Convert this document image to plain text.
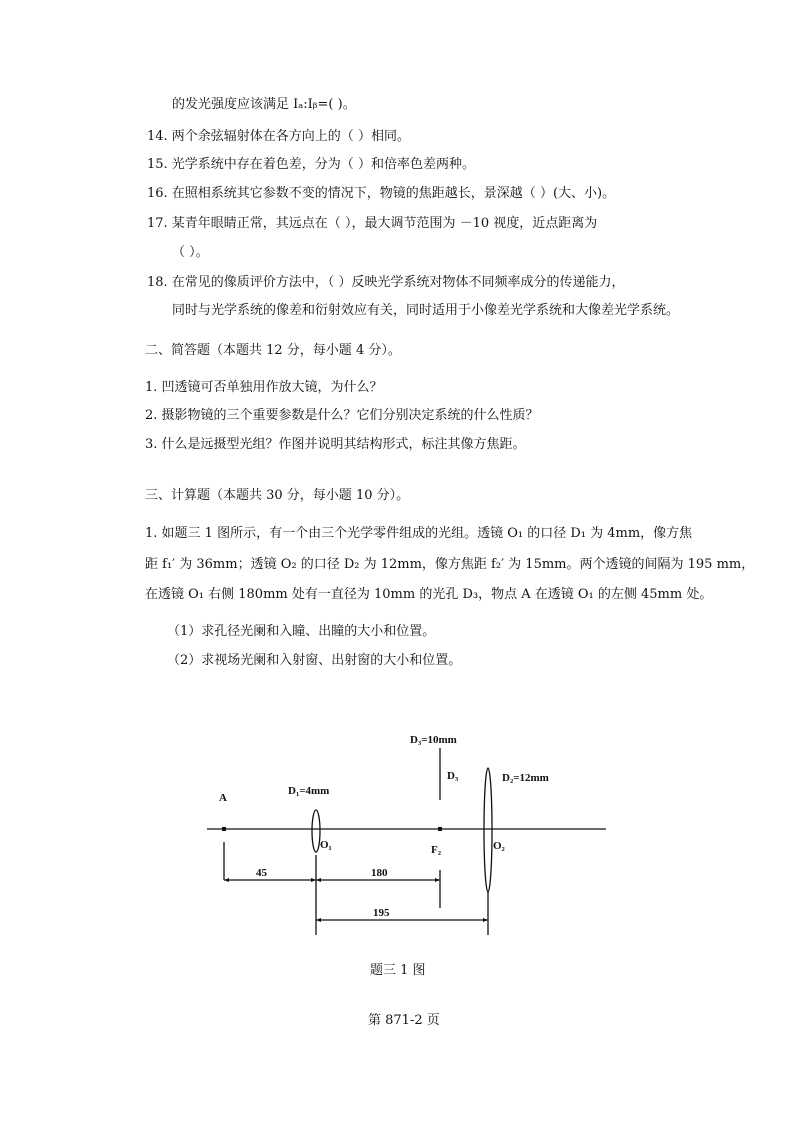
的发光强度应该满足 Iₐ:Iᵦ=( )。
14. 两个余弦辐射体在各方向上的（ ）相同。
15. 光学系统中存在着色差，分为（ ）和倍率色差两种。
16. 在照相系统其它参数不变的情况下，物镜的焦距越长，景深越（ ）(大、小)。
17. 某青年眼睛正常，其远点在（ ），最大调节范围为 －10 视度，近点距离为
（ ）。
18. 在常见的像质评价方法中，（ ）反映光学系统对物体不同频率成分的传递能力，
同时与光学系统的像差和衍射效应有关，同时适用于小像差光学系统和大像差光学系统。
二、简答题（本题共 12 分，每小题 4 分）。
1. 凹透镜可否单独用作放大镜，为什么？
2. 摄影物镜的三个重要参数是什么？它们分别决定系统的什么性质？
3. 什么是远摄型光组？作图并说明其结构形式，标注其像方焦距。
三、计算题（本题共 30 分，每小题 10 分）。
1. 如题三 1 图所示，有一个由三个光学零件组成的光组。透镜 O₁ 的口径 D₁ 为 4mm，像方焦
距 f₁′ 为 36mm；透镜 O₂ 的口径 D₂ 为 12mm，像方焦距 f₂′ 为 15mm。两个透镜的间隔为 195 mm，
在透镜 O₁ 右侧 180mm 处有一直径为 10mm 的光孔 D₃，物点 A 在透镜 O₁ 的左侧 45mm 处。
（1）求孔径光阑和入瞳、出瞳的大小和位置。
（2）求视场光阑和入射窗、出射窗的大小和位置。
A
D₁=4mm
D₃=10mm
D₃	D₂=12mm
O₁	F₂	O₂
45	180
195
题三 1 图
第 871-2 页
